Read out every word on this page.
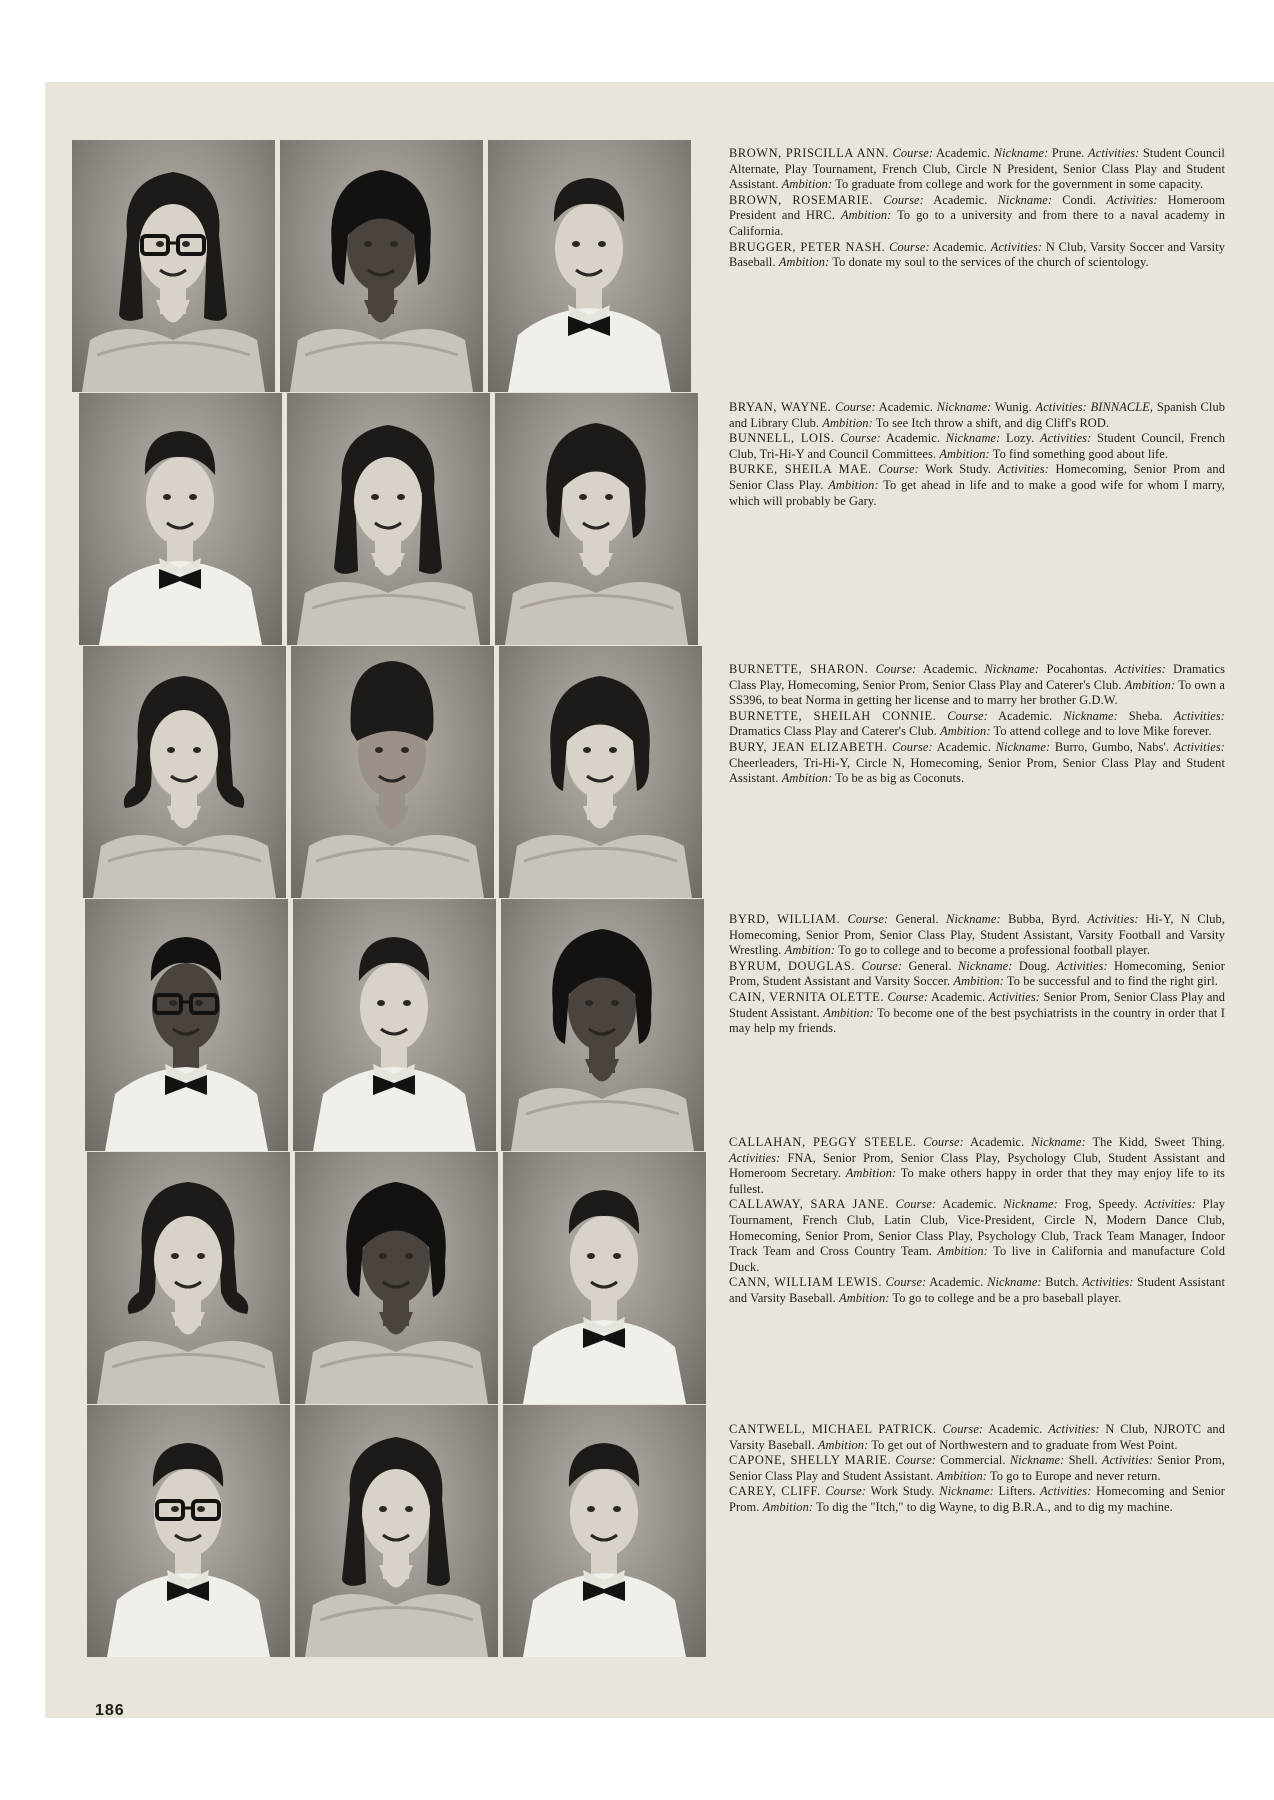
BROWN, PRISCILLA ANN. Course: Academic. Nickname: Prune. Activities: Student Council Alternate, Play Tournament, French Club, Circle N President, Senior Class Play and Student Assistant. Ambition: To graduate from college and work for the government in some capacity.

BROWN, ROSEMARIE. Course: Academic. Nickname: Condi. Activities: Homeroom President and HRC. Ambition: To go to a university and from there to a naval academy in California.

BRUGGER, PETER NASH. Course: Academic. Activities: N Club, Varsity Soccer and Varsity Baseball. Ambition: To donate my soul to the services of the church of scientology.

BRYAN, WAYNE. Course: Academic. Nickname: Wunig. Activities: BINNACLE, Spanish Club and Library Club. Ambition: To see Itch throw a shift, and dig Cliff's ROD.

BUNNELL, LOIS. Course: Academic. Nickname: Lozy. Activities: Student Council, French Club, Tri-Hi-Y and Council Committees. Ambition: To find something good about life.

BURKE, SHEILA MAE. Course: Work Study. Activities: Homecoming, Senior Prom and Senior Class Play. Ambition: To get ahead in life and to make a good wife for whom I marry, which will probably be Gary.

BURNETTE, SHARON. Course: Academic. Nickname: Pocahontas. Activities: Dramatics Class Play, Homecoming, Senior Prom, Senior Class Play and Caterer's Club. Ambition: To own a SS396, to beat Norma in getting her license and to marry her brother G.D.W.

BURNETTE, SHEILAH CONNIE. Course: Academic. Nickname: Sheba. Activities: Dramatics Class Play and Caterer's Club. Ambition: To attend college and to love Mike forever.

BURY, JEAN ELIZABETH. Course: Academic. Nickname: Burro, Gumbo, Nabs'. Activities: Cheerleaders, Tri-Hi-Y, Circle N, Homecoming, Senior Prom, Senior Class Play and Student Assistant. Ambition: To be as big as Coconuts.

BYRD, WILLIAM. Course: General. Nickname: Bubba, Byrd. Activities: Hi-Y, N Club, Homecoming, Senior Prom, Senior Class Play, Student Assistant, Varsity Football and Varsity Wrestling. Ambition: To go to college and to become a professional football player.

BYRUM, DOUGLAS. Course: General. Nickname: Doug. Activities: Homecoming, Senior Prom, Student Assistant and Varsity Soccer. Ambition: To be successful and to find the right girl.

CAIN, VERNITA OLETTE. Course: Academic. Activities: Senior Prom, Senior Class Play and Student Assistant. Ambition: To become one of the best psychiatrists in the country in order that I may help my friends.

CALLAHAN, PEGGY STEELE. Course: Academic. Nickname: The Kidd, Sweet Thing. Activities: FNA, Senior Prom, Senior Class Play, Psychology Club, Student Assistant and Homeroom Secretary. Ambition: To make others happy in order that they may enjoy life to its fullest.

CALLAWAY, SARA JANE. Course: Academic. Nickname: Frog, Speedy. Activities: Play Tournament, French Club, Latin Club, Vice-President, Circle N, Modern Dance Club, Homecoming, Senior Prom, Senior Class Play, Psychology Club, Track Team Manager, Indoor Track Team and Cross Country Team. Ambition: To live in California and manufacture Cold Duck.

CANN, WILLIAM LEWIS. Course: Academic. Nickname: Butch. Activities: Student Assistant and Varsity Baseball. Ambition: To go to college and be a pro baseball player.

CANTWELL, MICHAEL PATRICK. Course: Academic. Activities: N Club, NJROTC and Varsity Baseball. Ambition: To get out of Northwestern and to graduate from West Point.

CAPONE, SHELLY MARIE. Course: Commercial. Nickname: Shell. Activities: Senior Prom, Senior Class Play and Student Assistant. Ambition: To go to Europe and never return.

CAREY, CLIFF. Course: Work Study. Nickname: Lifters. Activities: Homecoming and Senior Prom. Ambition: To dig the "Itch," to dig Wayne, to dig B.R.A., and to dig my machine.

186
